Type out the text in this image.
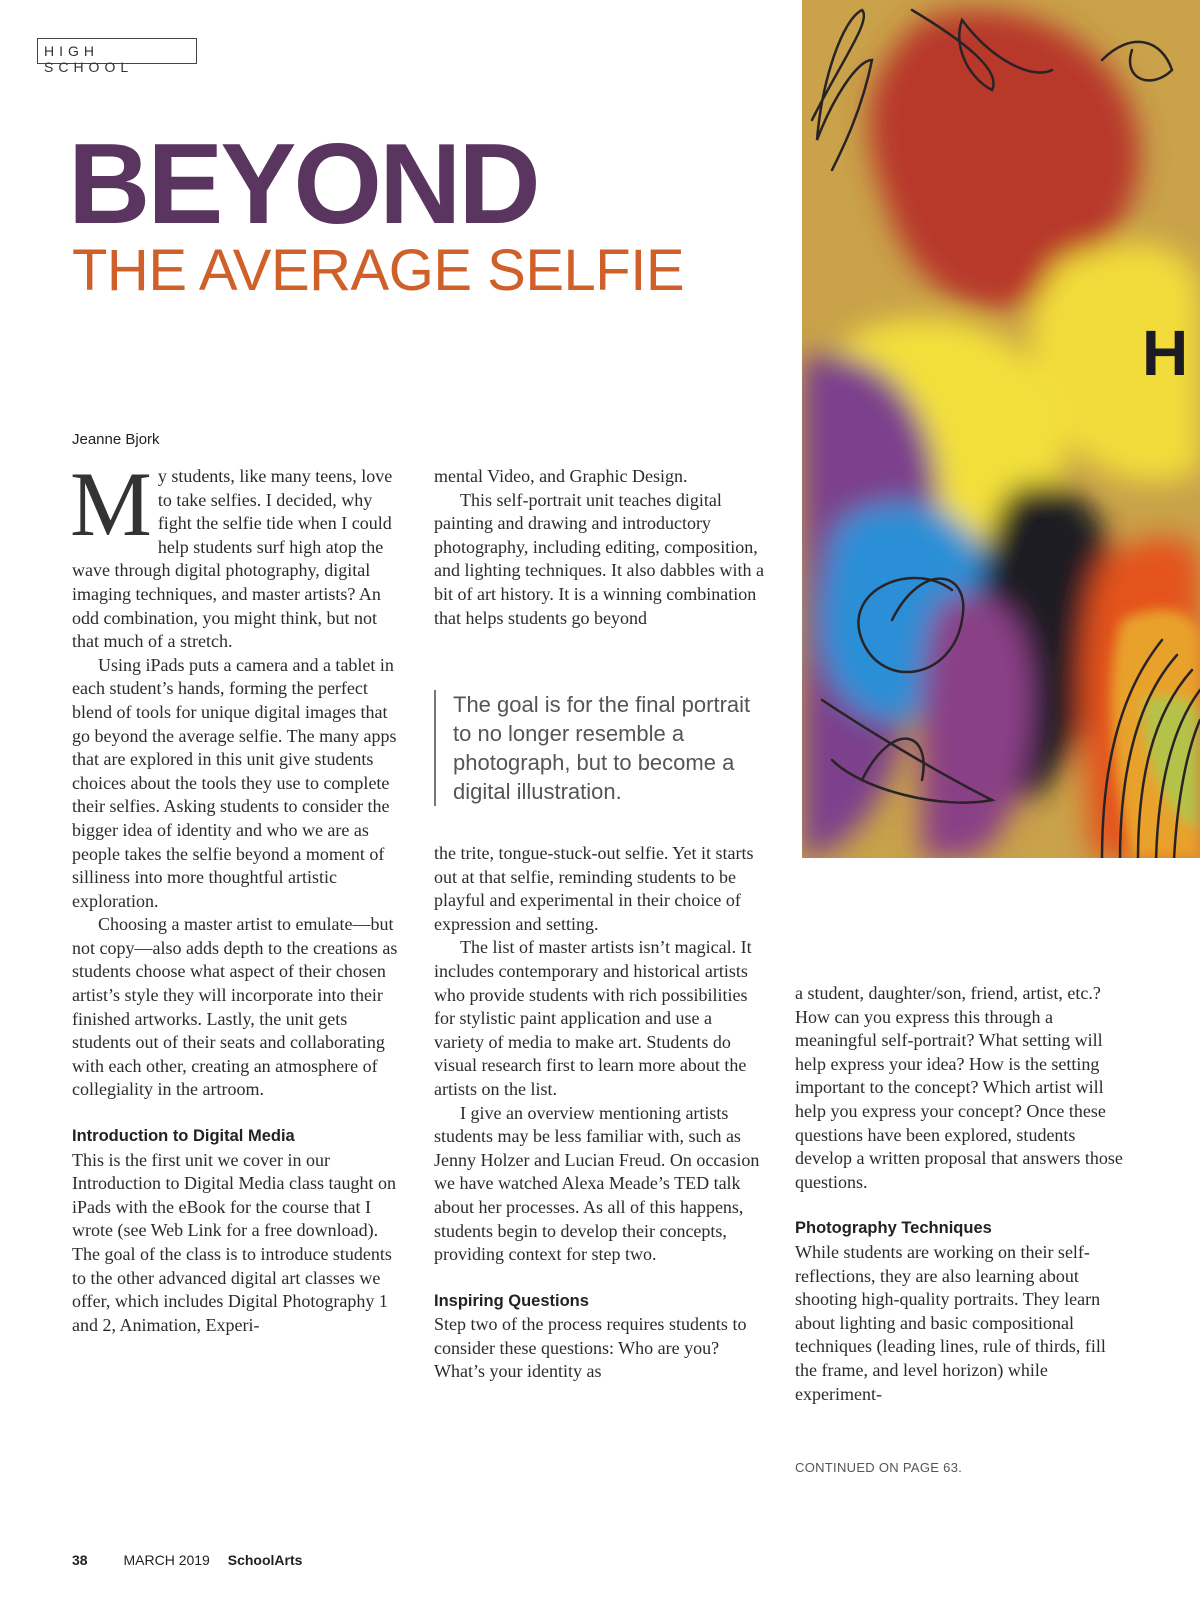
HIGH SCHOOL
BEYOND
THE AVERAGE SELFIE
H
Jeanne Bjork

My students, like many teens, love to take selfies. I decided, why fight the selfie tide when I could help students surf high atop the wave through digital photography, digital imaging techniques, and master artists? An odd combination, you might think, but not that much of a stretch.

Using iPads puts a camera and a tablet in each student’s hands, forming the perfect blend of tools for unique digital images that go beyond the average selfie. The many apps that are explored in this unit give students choices about the tools they use to complete their selfies. Asking students to consider the bigger idea of identity and who we are as people takes the selfie beyond a moment of silliness into more thoughtful artistic exploration.

Choosing a master artist to emulate—but not copy—also adds depth to the creations as students choose what aspect of their chosen artist’s style they will incorporate into their finished artworks. Lastly, the unit gets students out of their seats and collaborating with each other, creating an atmosphere of collegiality in the artroom.

Introduction to Digital Media

This is the first unit we cover in our Introduction to Digital Media class taught on iPads with the eBook for the course that I wrote (see Web Link for a free download). The goal of the class is to introduce students to the other advanced digital art classes we offer, which includes Digital Photography 1 and 2, Animation, Experi-

mental Video, and Graphic Design.

This self-portrait unit teaches digital painting and drawing and introductory photography, including editing, composition, and lighting techniques. It also dabbles with a bit of art history. It is a winning combination that helps students go beyond

The goal is for the final portrait to no longer resemble a photograph, but to become a digital illustration.

the trite, tongue-stuck-out selfie. Yet it starts out at that selfie, reminding students to be playful and experimental in their choice of expression and setting.

The list of master artists isn’t magical. It includes contemporary and historical artists who provide students with rich possibilities for stylistic paint application and use a variety of media to make art. Students do visual research first to learn more about the artists on the list.

I give an overview mentioning artists students may be less familiar with, such as Jenny Holzer and Lucian Freud. On occasion we have watched Alexa Meade’s TED talk about her processes. As all of this happens, students begin to develop their concepts, providing context for step two.

Inspiring Questions

Step two of the process requires students to consider these questions: Who are you? What’s your identity as

a student, daughter/son, friend, artist, etc.? How can you express this through a meaningful self-portrait? What setting will help express your idea? How is the setting important to the concept? Which artist will help you express your concept? Once these questions have been explored, students develop a written proposal that answers those questions.

Photography Techniques

While students are working on their self-reflections, they are also learning about shooting high-quality portraits. They learn about lighting and basic compositional techniques (leading lines, rule of thirds, fill the frame, and level horizon) while experiment-

CONTINUED ON PAGE 63.
38	MARCH 2019 SchoolArts
